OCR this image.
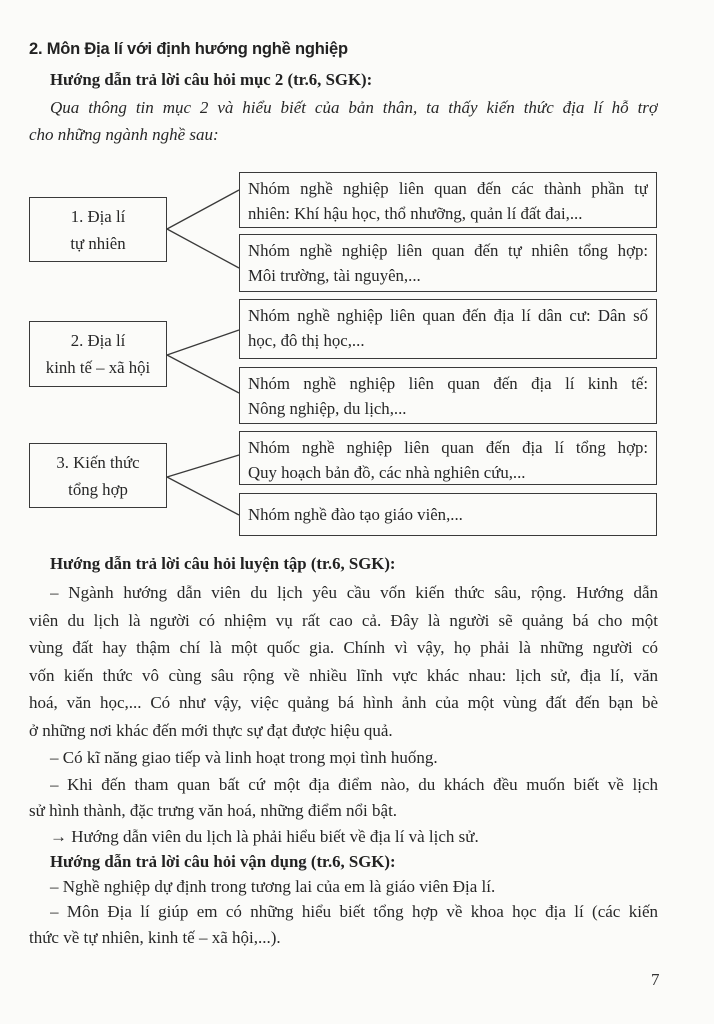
2. Môn Địa lí với định hướng nghề nghiệp
Hướng dẫn trả lời câu hỏi mục 2 (tr.6, SGK):
Qua thông tin mục 2 và hiểu biết của bản thân, ta thấy kiến thức địa lí hỗ trợ
cho những ngành nghề sau:
1. Địa lí
tự nhiên
Nhóm nghề nghiệp liên quan đến các thành phần tự
nhiên: Khí hậu học, thổ nhưỡng, quản lí đất đai,...
Nhóm nghề nghiệp liên quan đến tự nhiên tổng hợp:
Môi trường, tài nguyên,...
2. Địa lí
kinh tế – xã hội
Nhóm nghề nghiệp liên quan đến địa lí dân cư: Dân số
học, đô thị học,...
Nhóm nghề nghiệp liên quan đến địa lí kinh tế:
Nông nghiệp, du lịch,...
3. Kiến thức
tổng hợp
Nhóm nghề nghiệp liên quan đến địa lí tổng hợp:
Quy hoạch bản đồ, các nhà nghiên cứu,...
Nhóm nghề đào tạo giáo viên,...
Hướng dẫn trả lời câu hỏi luyện tập (tr.6, SGK):
– Ngành hướng dẫn viên du lịch yêu cầu vốn kiến thức sâu, rộng. Hướng dẫn
viên du lịch là người có nhiệm vụ rất cao cả. Đây là người sẽ quảng bá cho một
vùng đất hay thậm chí là một quốc gia. Chính vì vậy, họ phải là những người có
vốn kiến thức vô cùng sâu rộng về nhiều lĩnh vực khác nhau: lịch sử, địa lí, văn
hoá, văn học,... Có như vậy, việc quảng bá hình ảnh của một vùng đất đến bạn bè
ở những nơi khác đến mới thực sự đạt được hiệu quả.
– Có kĩ năng giao tiếp và linh hoạt trong mọi tình huống.
– Khi đến tham quan bất cứ một địa điểm nào, du khách đều muốn biết về lịch
sử hình thành, đặc trưng văn hoá, những điểm nổi bật.
→ Hướng dẫn viên du lịch là phải hiểu biết về địa lí và lịch sử.
Hướng dẫn trả lời câu hỏi vận dụng (tr.6, SGK):
– Nghề nghiệp dự định trong tương lai của em là giáo viên Địa lí.
– Môn Địa lí giúp em có những hiểu biết tổng hợp về khoa học địa lí (các kiến
thức về tự nhiên, kinh tế – xã hội,...).
7
